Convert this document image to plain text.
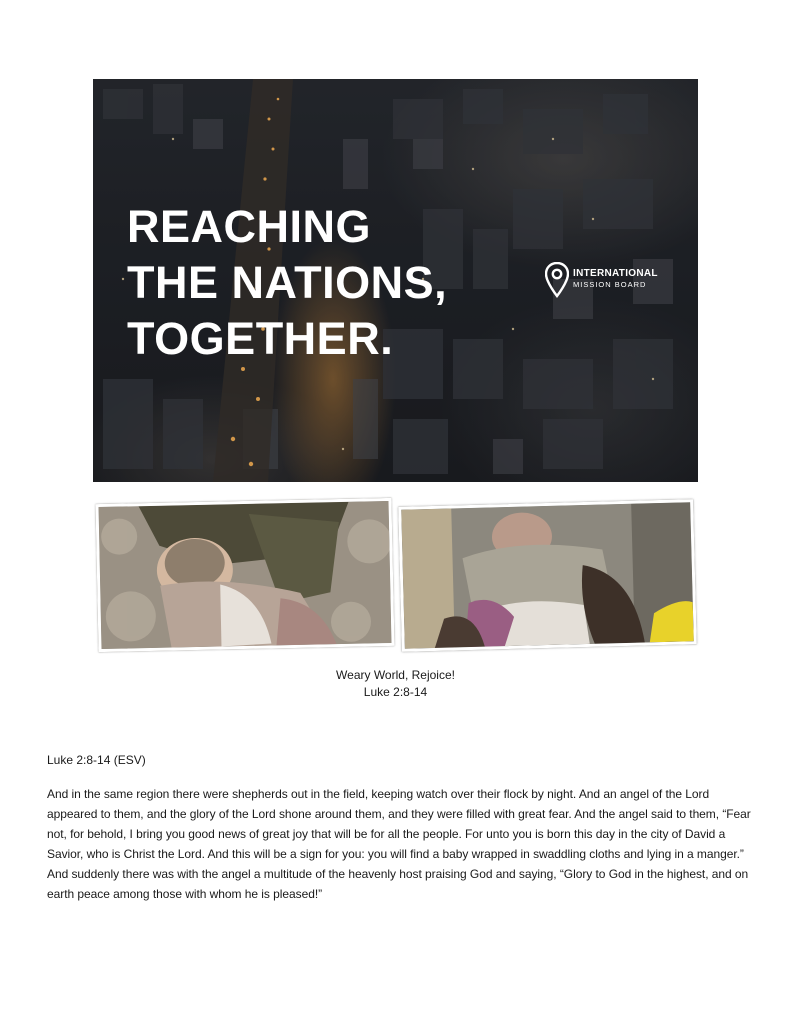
REACHING
THE NATIONS,
TOGETHER.
INTERNATIONAL
MISSION BOARD

Weary World, Rejoice!

Luke 2:8-14

Luke 2:8-14 (ESV)

And in the same region there were shepherds out in the field, keeping watch over their flock by night. And an angel of the Lord appeared to them, and the glory of the Lord shone around them, and they were filled with great fear. And the angel said to them, “Fear not, for behold, I bring you good news of great joy that will be for all the people. For unto you is born this day in the city of David a Savior, who is Christ the Lord. And this will be a sign for you: you will find a baby wrapped in swaddling cloths and lying in a manger.” And suddenly there was with the angel a multitude of the heavenly host praising God and saying, “Glory to God in the highest, and on earth peace among those with whom he is pleased!”
